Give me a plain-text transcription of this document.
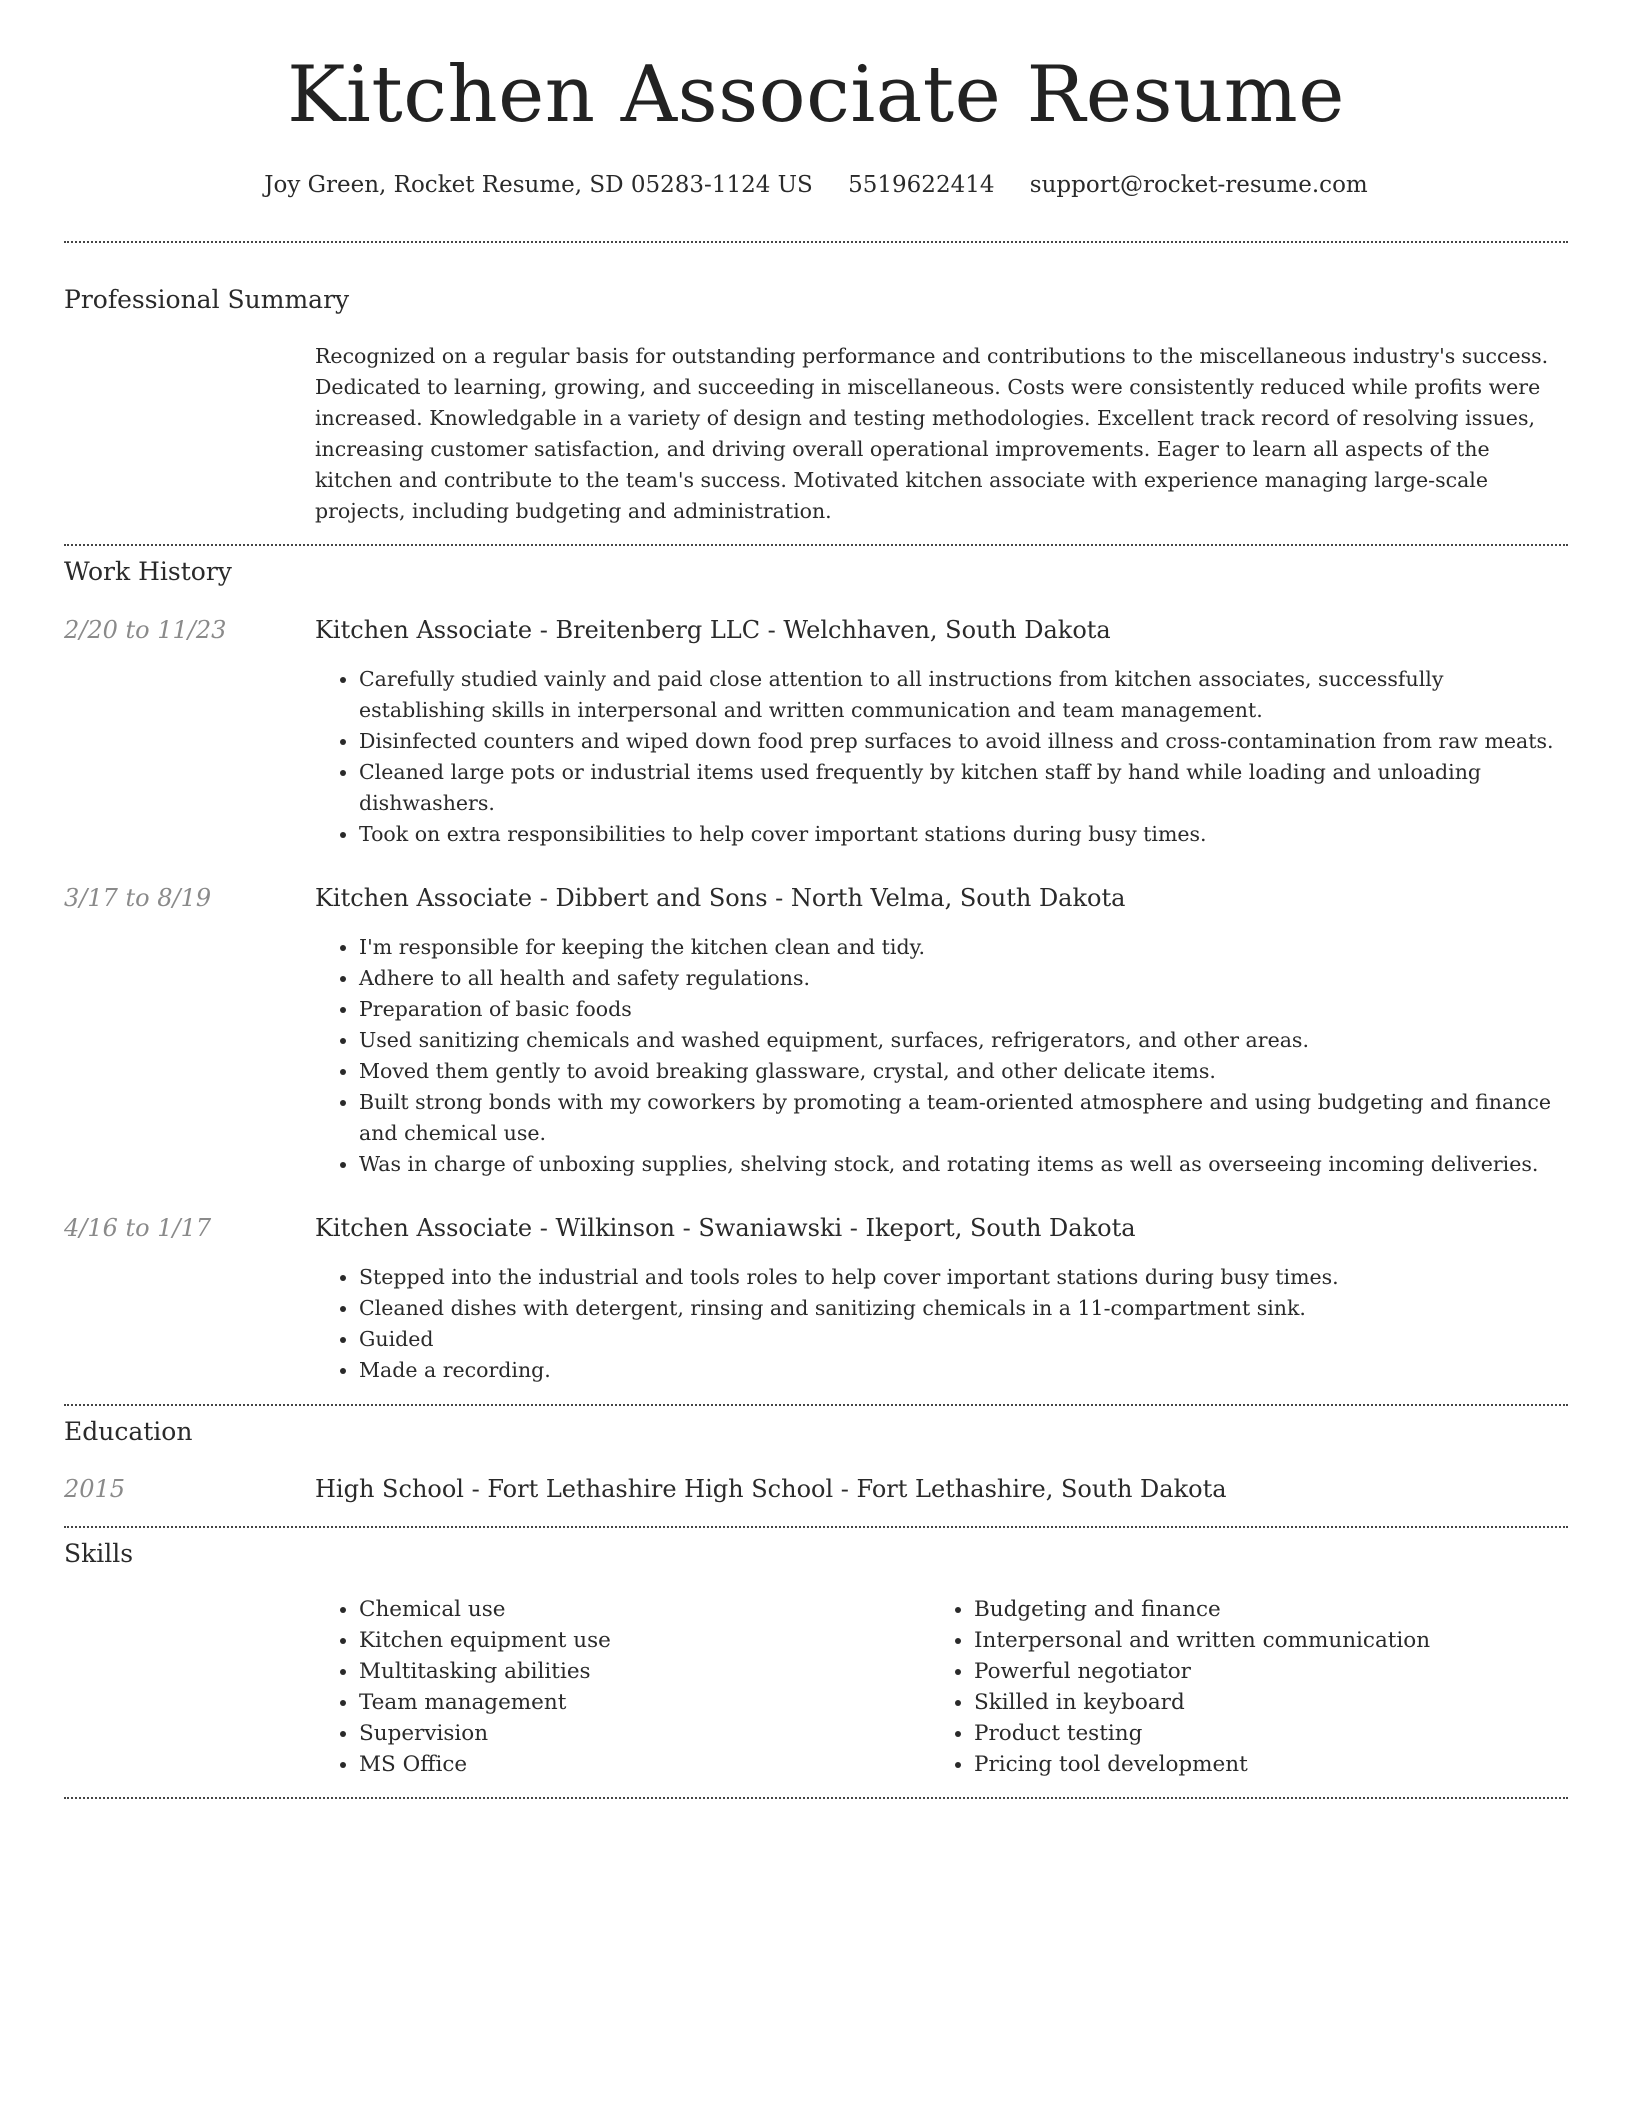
Kitchen Associate Resume
Joy Green, Rocket Resume, SD 05283-1124 US 5519622414 support@rocket-resume.com
Professional Summary
Recognized on a regular basis for outstanding performance and contributions to the miscellaneous industry's success. Dedicated to learning, growing, and succeeding in miscellaneous. Costs were consistently reduced while profits were increased. Knowledgable in a variety of design and testing methodologies. Excellent track record of resolving issues, increasing customer satisfaction, and driving overall operational improvements. Eager to learn all aspects of the kitchen and contribute to the team's success. Motivated kitchen associate with experience managing large-scale projects, including budgeting and administration.
Work History
2/20 to 11/23	Kitchen Associate - Breitenberg LLC - Welchhaven, South Dakota
• Carefully studied vainly and paid close attention to all instructions from kitchen associates, successfully establishing skills in interpersonal and written communication and team management.
• Disinfected counters and wiped down food prep surfaces to avoid illness and cross-contamination from raw meats.
• Cleaned large pots or industrial items used frequently by kitchen staff by hand while loading and unloading dishwashers.
• Took on extra responsibilities to help cover important stations during busy times.
3/17 to 8/19	Kitchen Associate - Dibbert and Sons - North Velma, South Dakota
• I'm responsible for keeping the kitchen clean and tidy.
• Adhere to all health and safety regulations.
• Preparation of basic foods
• Used sanitizing chemicals and washed equipment, surfaces, refrigerators, and other areas.
• Moved them gently to avoid breaking glassware, crystal, and other delicate items.
• Built strong bonds with my coworkers by promoting a team-oriented atmosphere and using budgeting and finance and chemical use.
• Was in charge of unboxing supplies, shelving stock, and rotating items as well as overseeing incoming deliveries.
4/16 to 1/17	Kitchen Associate - Wilkinson - Swaniawski - Ikeport, South Dakota
• Stepped into the industrial and tools roles to help cover important stations during busy times.
• Cleaned dishes with detergent, rinsing and sanitizing chemicals in a 11-compartment sink.
• Guided
• Made a recording.
Education
2015	High School - Fort Lethashire High School - Fort Lethashire, South Dakota
Skills
• Chemical use
• Kitchen equipment use
• Multitasking abilities
• Team management
• Supervision
• MS Office
• Budgeting and finance
• Interpersonal and written communication
• Powerful negotiator
• Skilled in keyboard
• Product testing
• Pricing tool development
